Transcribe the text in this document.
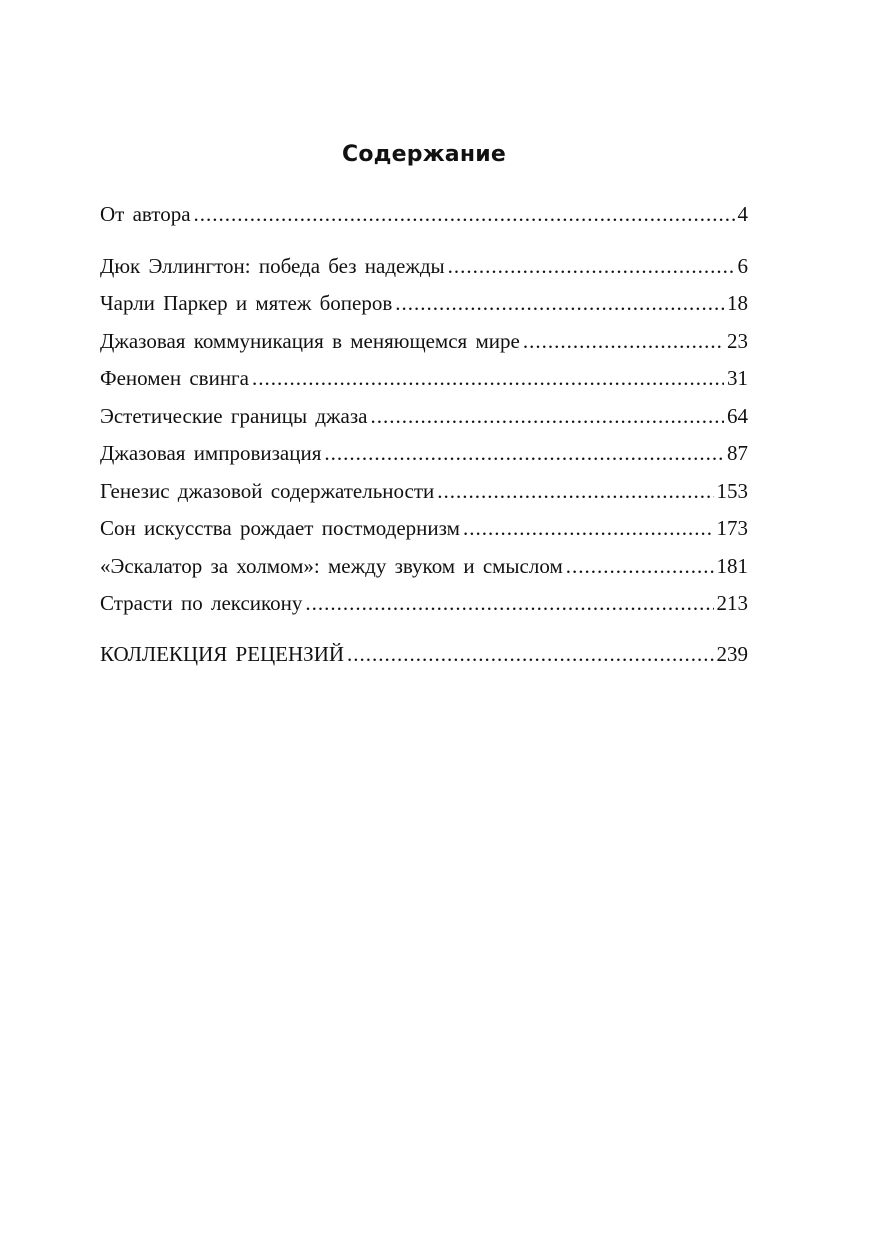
Содержание
От автора .....	4
Дюк Эллингтон: победа без надежды .....	6
Чарли Паркер и мятеж боперов .....	18
Джазовая коммуникация в меняющемся мире .....	23
Феномен свинга .....	31
Эстетические границы джаза .....	64
Джазовая импровизация .....	87
Генезис джазовой содержательности .....	153
Сон искусства рождает постмодернизм .....	173
«Эскалатор за холмом»: между звуком и смыслом .....	181
Страсти по лексикону .....	213
КОЛЛЕКЦИЯ РЕЦЕНЗИЙ .....	239
